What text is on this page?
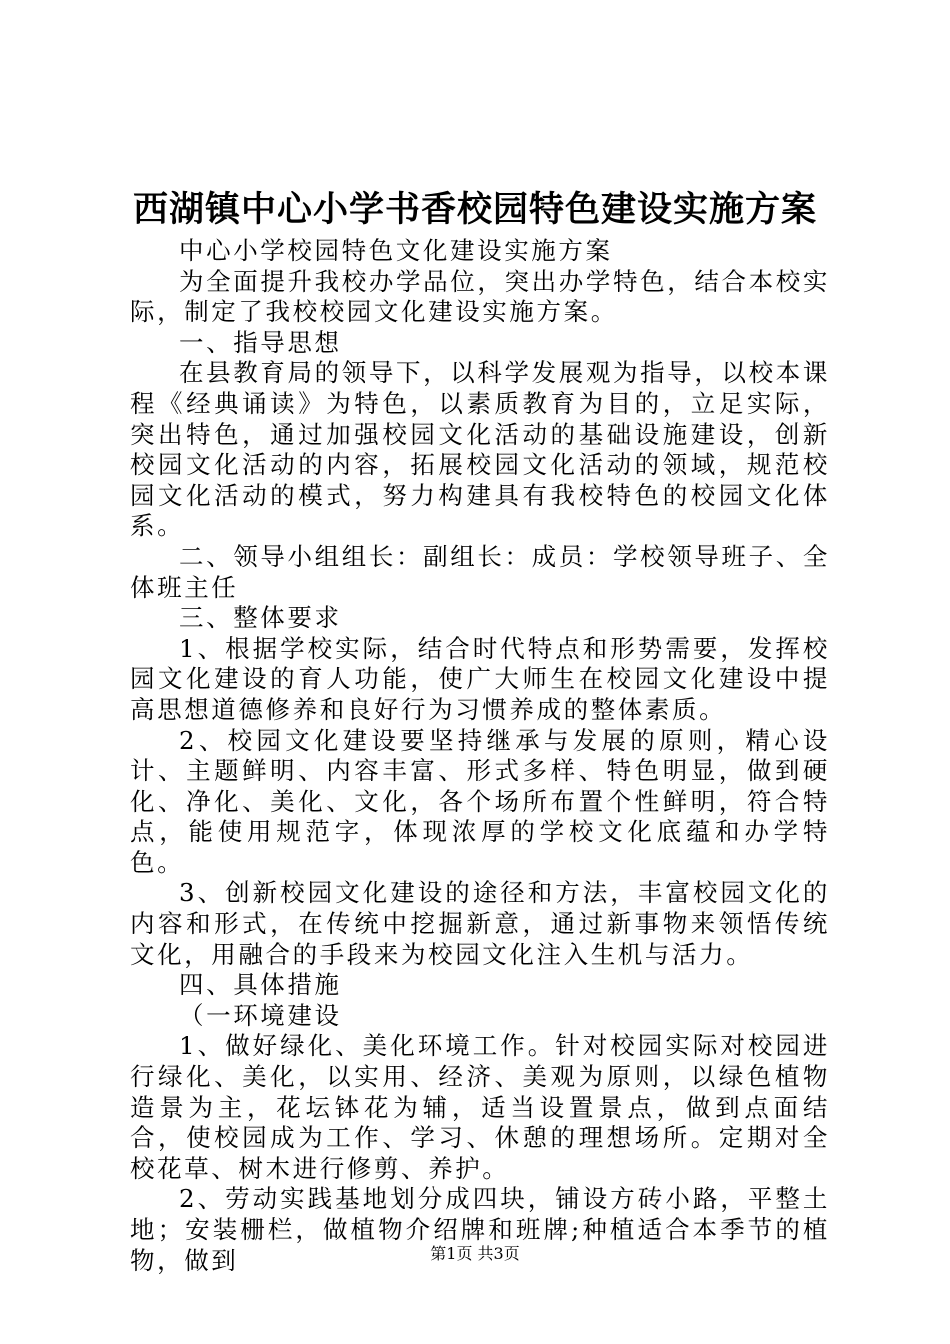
西湖镇中心小学书香校园特色建设实施方案

中心小学校园特色文化建设实施方案

为全面提升我校办学品位，突出办学特色，结合本校实际，制定了我校校园文化建设实施方案。

一、指导思想

在县教育局的领导下，以科学发展观为指导，以校本课程《经典诵读》为特色，以素质教育为目的，立足实际，突出特色，通过加强校园文化活动的基础设施建设，创新校园文化活动的内容，拓展校园文化活动的领域，规范校园文化活动的模式，努力构建具有我校特色的校园文化体系。

二、领导小组组长：副组长：成员：学校领导班子、全体班主任

三、整体要求

1、根据学校实际，结合时代特点和形势需要，发挥校园文化建设的育人功能，使广大师生在校园文化建设中提高思想道德修养和良好行为习惯养成的整体素质。

2、校园文化建设要坚持继承与发展的原则，精心设计、主题鲜明、内容丰富、形式多样、特色明显，做到硬化、净化、美化、文化，各个场所布置个性鲜明，符合特点，能使用规范字，体现浓厚的学校文化底蕴和办学特色。

3、创新校园文化建设的途径和方法，丰富校园文化的内容和形式，在传统中挖掘新意，通过新事物来领悟传统文化，用融合的手段来为校园文化注入生机与活力。

四、具体措施

（一环境建设

1、做好绿化、美化环境工作。针对校园实际对校园进行绿化、美化，以实用、经济、美观为原则，以绿色植物造景为主，花坛钵花为辅，适当设置景点，做到点面结合，使校园成为工作、学习、休憩的理想场所。定期对全校花草、树木进行修剪、养护。

2、劳动实践基地划分成四块，铺设方砖小路，平整土地；安装栅栏，做植物介绍牌和班牌;种植适合本季节的植物，做到	第1页 共3页
